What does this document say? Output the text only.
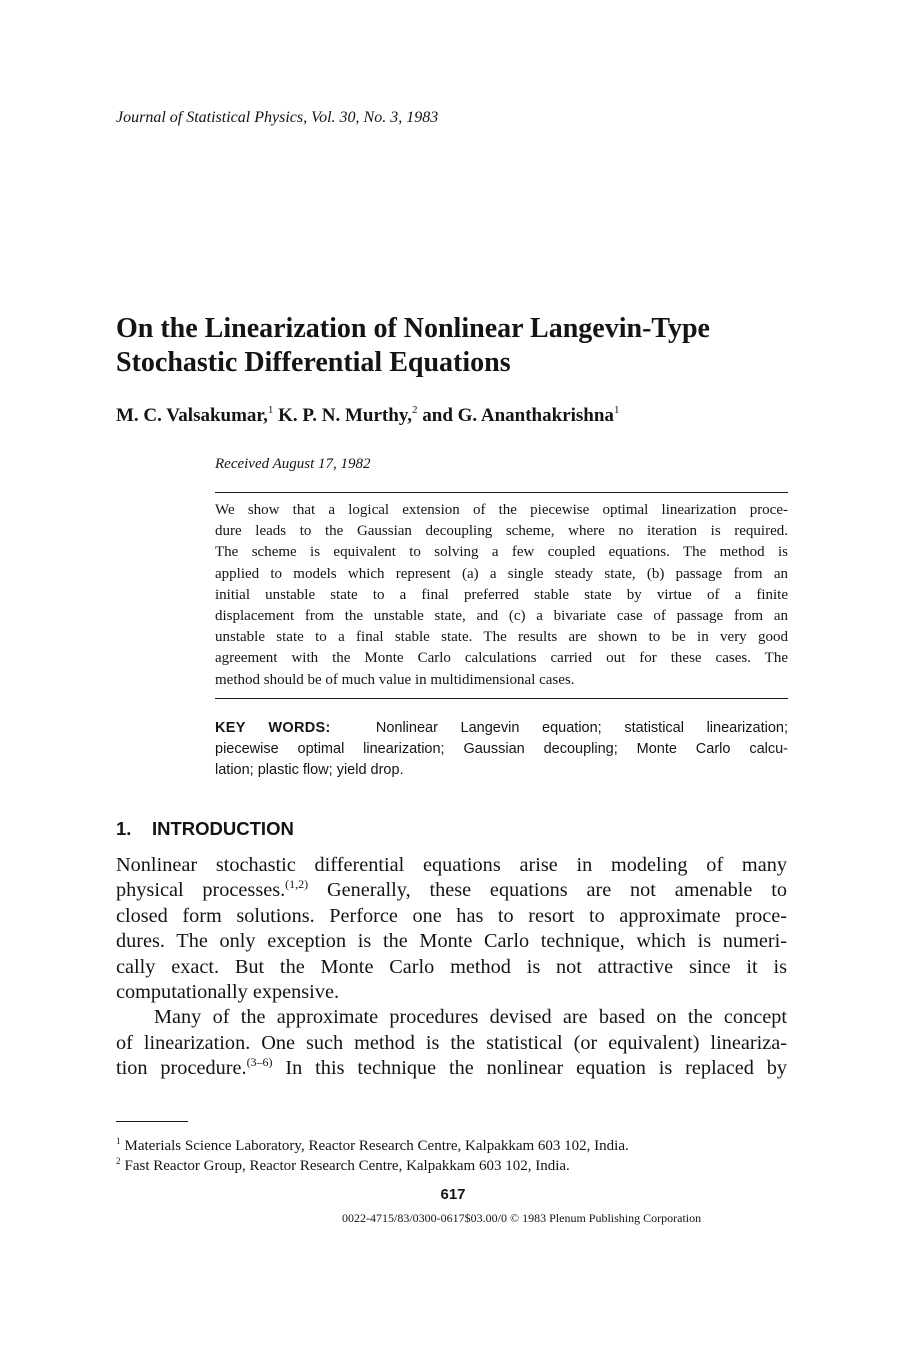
Journal of Statistical Physics, Vol. 30, No. 3, 1983
On the Linearization of Nonlinear Langevin-Type
Stochastic Differential Equations
M. C. Valsakumar,$^1$ K. P. N. Murthy,$^2$ and G. Ananthakrishna$^1$
Received August 17, 1982
We show that a logical extension of the piecewise optimal linearization proce-
dure leads to the Gaussian decoupling scheme, where no iteration is required.
The scheme is equivalent to solving a few coupled equations. The method is
applied to models which represent (a) a single steady state, (b) passage from an
initial unstable state to a final preferred stable state by virtue of a finite
displacement from the unstable state, and (c) a bivariate case of passage from an
unstable state to a final stable state. The results are shown to be in very good
agreement with the Monte Carlo calculations carried out for these cases. The
method should be of much value in multidimensional cases.
KEY WORDS:	Nonlinear Langevin equation; statistical linearization;
piecewise optimal linearization; Gaussian decoupling; Monte Carlo calcu-
lation; plastic flow; yield drop.
1. INTRODUCTION
Nonlinear stochastic differential equations arise in modeling of many
physical processes.$^{(1,2)}$ Generally, these equations are not amenable to
closed form solutions. Perforce one has to resort to approximate proce-
dures. The only exception is the Monte Carlo technique, which is numeri-
cally exact. But the Monte Carlo method is not attractive since it is
computationally expensive.
Many of the approximate procedures devised are based on the concept
of linearization. One such method is the statistical (or equivalent) lineariza-
tion procedure.$^{(3-6)}$ In this technique the nonlinear equation is replaced by
$^1$ Materials Science Laboratory, Reactor Research Centre, Kalpakkam 603 102, India.
$^2$ Fast Reactor Group, Reactor Research Centre, Kalpakkam 603 102, India.
617
0022-4715/83/0300-0617$03.00/0 © 1983 Plenum Publishing Corporation
